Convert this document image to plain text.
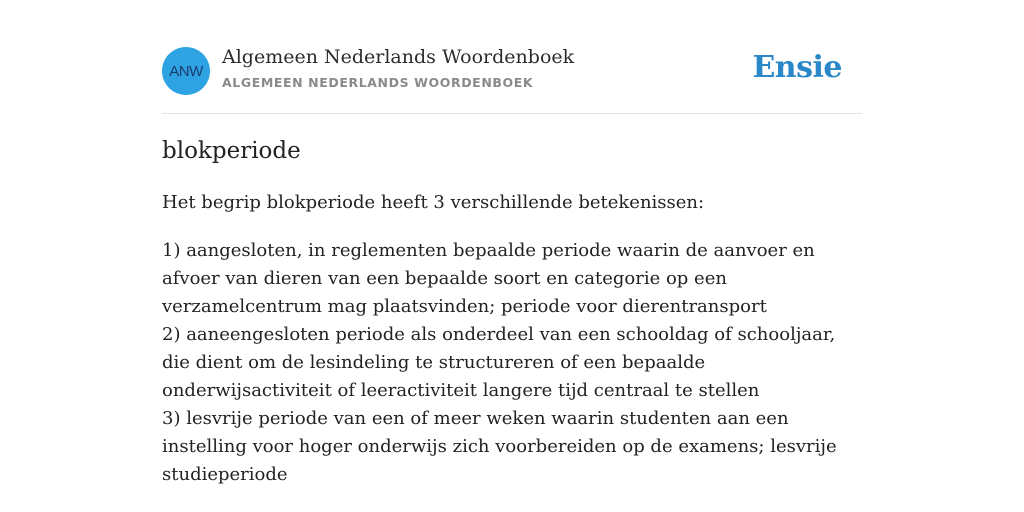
ANW
Algemeen Nederlands Woordenboek
ALGEMEEN NEDERLANDS WOORDENBOEK	Ensie
blokperiode
Het begrip blokperiode heeft 3 verschillende betekenissen:
1) aangesloten, in reglementen bepaalde periode waarin de aanvoer en afvoer van dieren van een bepaalde soort en categorie op een verzamelcentrum mag plaatsvinden; periode voor dierentransport
2) aaneengesloten periode als onderdeel van een schooldag of schooljaar, die dient om de lesindeling te structureren of een bepaalde onderwijsactiviteit of leeractiviteit langere tijd centraal te stellen
3) lesvrije periode van een of meer weken waarin studenten aan een instelling voor hoger onderwijs zich voorbereiden op de examens; lesvrije studieperiode
